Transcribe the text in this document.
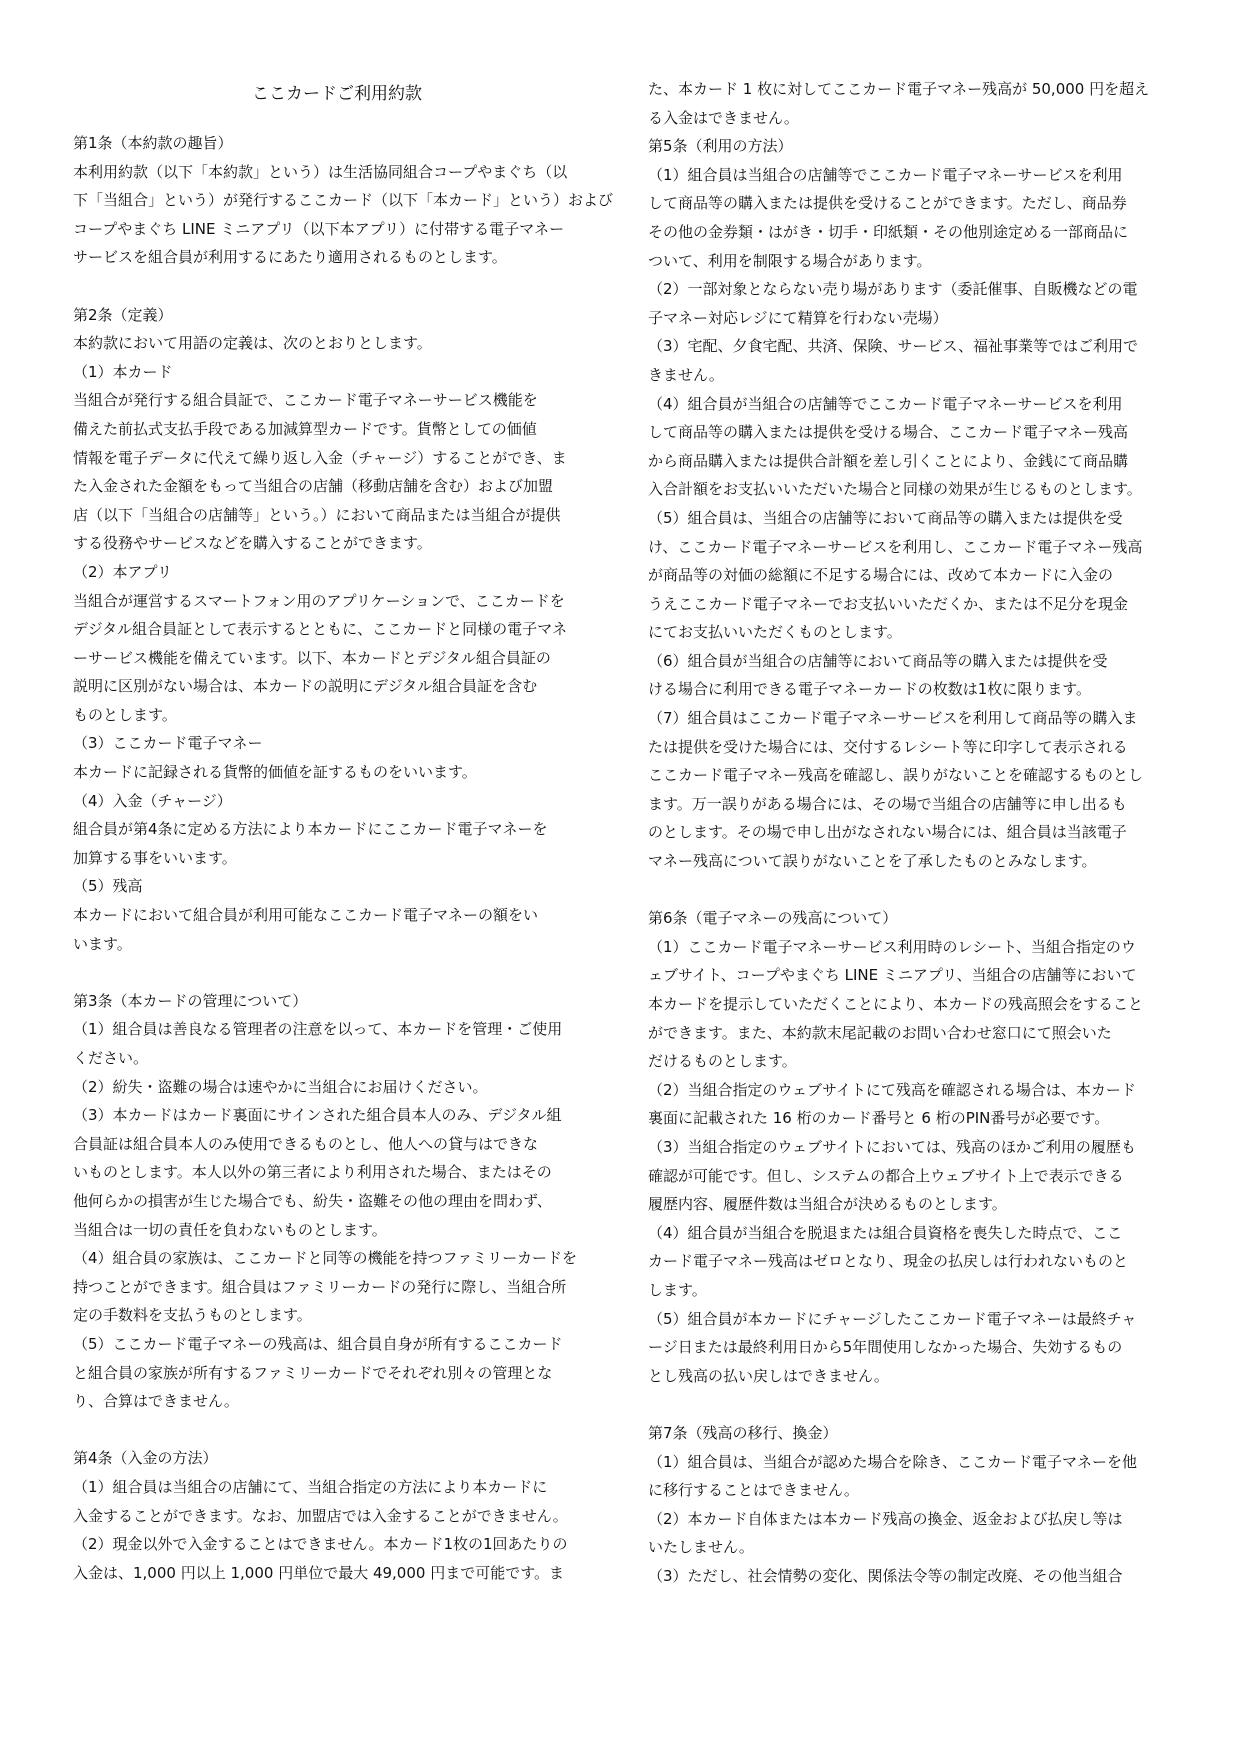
ここカードご利用約款
第1条（本約款の趣旨）
本利用約款（以下「本約款」という）は生活協同組合コープやまぐち（以
下「当組合」という）が発行するここカード（以下「本カード」という）および
コープやまぐち LINE ミニアプリ（以下本アプリ）に付帯する電子マネー
サービスを組合員が利用するにあたり適用されるものとします。
第2条（定義）
本約款において用語の定義は、次のとおりとします。
（1）本カード
当組合が発行する組合員証で、ここカード電子マネーサービス機能を
備えた前払式支払手段である加減算型カードです。貨幣としての価値
情報を電子データに代えて繰り返し入金（チャージ）することができ、ま
た入金された金額をもって当組合の店舗（移動店舗を含む）および加盟
店（以下「当組合の店舗等」という。）において商品または当組合が提供
する役務やサービスなどを購入することができます。
（2）本アプリ
当組合が運営するスマートフォン用のアプリケーションで、ここカードを
デジタル組合員証として表示するとともに、ここカードと同様の電子マネ
ーサービス機能を備えています。以下、本カードとデジタル組合員証の
説明に区別がない場合は、本カードの説明にデジタル組合員証を含む
ものとします。
（3）ここカード電子マネー
本カードに記録される貨幣的価値を証するものをいいます。
（4）入金（チャージ）
組合員が第4条に定める方法により本カードにここカード電子マネーを
加算する事をいいます。
（5）残高
本カードにおいて組合員が利用可能なここカード電子マネーの額をい
います。
第3条（本カードの管理について）
（1）組合員は善良なる管理者の注意を以って、本カードを管理・ご使用
ください。
（2）紛失・盗難の場合は速やかに当組合にお届けください。
（3）本カードはカード裏面にサインされた組合員本人のみ、デジタル組
合員証は組合員本人のみ使用できるものとし、他人への貸与はできな
いものとします。本人以外の第三者により利用された場合、またはその
他何らかの損害が生じた場合でも、紛失・盗難その他の理由を問わず、
当組合は一切の責任を負わないものとします。
（4）組合員の家族は、ここカードと同等の機能を持つファミリーカードを
持つことができます。組合員はファミリーカードの発行に際し、当組合所
定の手数料を支払うものとします。
（5）ここカード電子マネーの残高は、組合員自身が所有するここカード
と組合員の家族が所有するファミリーカードでそれぞれ別々の管理とな
り、合算はできません。
第4条（入金の方法）
（1）組合員は当組合の店舗にて、当組合指定の方法により本カードに
入金することができます。なお、加盟店では入金することができません。
（2）現金以外で入金することはできません。本カード1枚の1回あたりの
入金は、1,000 円以上 1,000 円単位で最大 49,000 円まで可能です。ま
た、本カード 1 枚に対してここカード電子マネー残高が 50,000 円を超え
る入金はできません。
第5条（利用の方法）
（1）組合員は当組合の店舗等でここカード電子マネーサービスを利用
して商品等の購入または提供を受けることができます。ただし、商品券
その他の金券類・はがき・切手・印紙類・その他別途定める一部商品に
ついて、利用を制限する場合があります。
（2）一部対象とならない売り場があります（委託催事、自販機などの電
子マネー対応レジにて精算を行わない売場）
（3）宅配、夕食宅配、共済、保険、サービス、福祉事業等ではご利用で
きません。
（4）組合員が当組合の店舗等でここカード電子マネーサービスを利用
して商品等の購入または提供を受ける場合、ここカード電子マネー残高
から商品購入または提供合計額を差し引くことにより、金銭にて商品購
入合計額をお支払いいただいた場合と同様の効果が生じるものとします。
（5）組合員は、当組合の店舗等において商品等の購入または提供を受
け、ここカード電子マネーサービスを利用し、ここカード電子マネー残高
が商品等の対価の総額に不足する場合には、改めて本カードに入金の
うえここカード電子マネーでお支払いいただくか、または不足分を現金
にてお支払いいただくものとします。
（6）組合員が当組合の店舗等において商品等の購入または提供を受
ける場合に利用できる電子マネーカードの枚数は1枚に限ります。
（7）組合員はここカード電子マネーサービスを利用して商品等の購入ま
たは提供を受けた場合には、交付するレシート等に印字して表示される
ここカード電子マネー残高を確認し、誤りがないことを確認するものとし
ます。万一誤りがある場合には、その場で当組合の店舗等に申し出るも
のとします。その場で申し出がなされない場合には、組合員は当該電子
マネー残高について誤りがないことを了承したものとみなします。
第6条（電子マネーの残高について）
（1）ここカード電子マネーサービス利用時のレシート、当組合指定のウ
ェブサイト、コープやまぐち LINE ミニアプリ、当組合の店舗等において
本カードを提示していただくことにより、本カードの残高照会をすること
ができます。また、本約款末尾記載のお問い合わせ窓口にて照会いた
だけるものとします。
（2）当組合指定のウェブサイトにて残高を確認される場合は、本カード
裏面に記載された 16 桁のカード番号と 6 桁のPIN番号が必要です。
（3）当組合指定のウェブサイトにおいては、残高のほかご利用の履歴も
確認が可能です。但し、システムの都合上ウェブサイト上で表示できる
履歴内容、履歴件数は当組合が決めるものとします。
（4）組合員が当組合を脱退または組合員資格を喪失した時点で、ここ
カード電子マネー残高はゼロとなり、現金の払戻しは行われないものと
します。
（5）組合員が本カードにチャージしたここカード電子マネーは最終チャ
ージ日または最終利用日から5年間使用しなかった場合、失効するもの
とし残高の払い戻しはできません。
第7条（残高の移行、換金）
（1）組合員は、当組合が認めた場合を除き、ここカード電子マネーを他
に移行することはできません。
（2）本カード自体または本カード残高の換金、返金および払戻し等は
いたしません。
（3）ただし、社会情勢の変化、関係法令等の制定改廃、その他当組合
